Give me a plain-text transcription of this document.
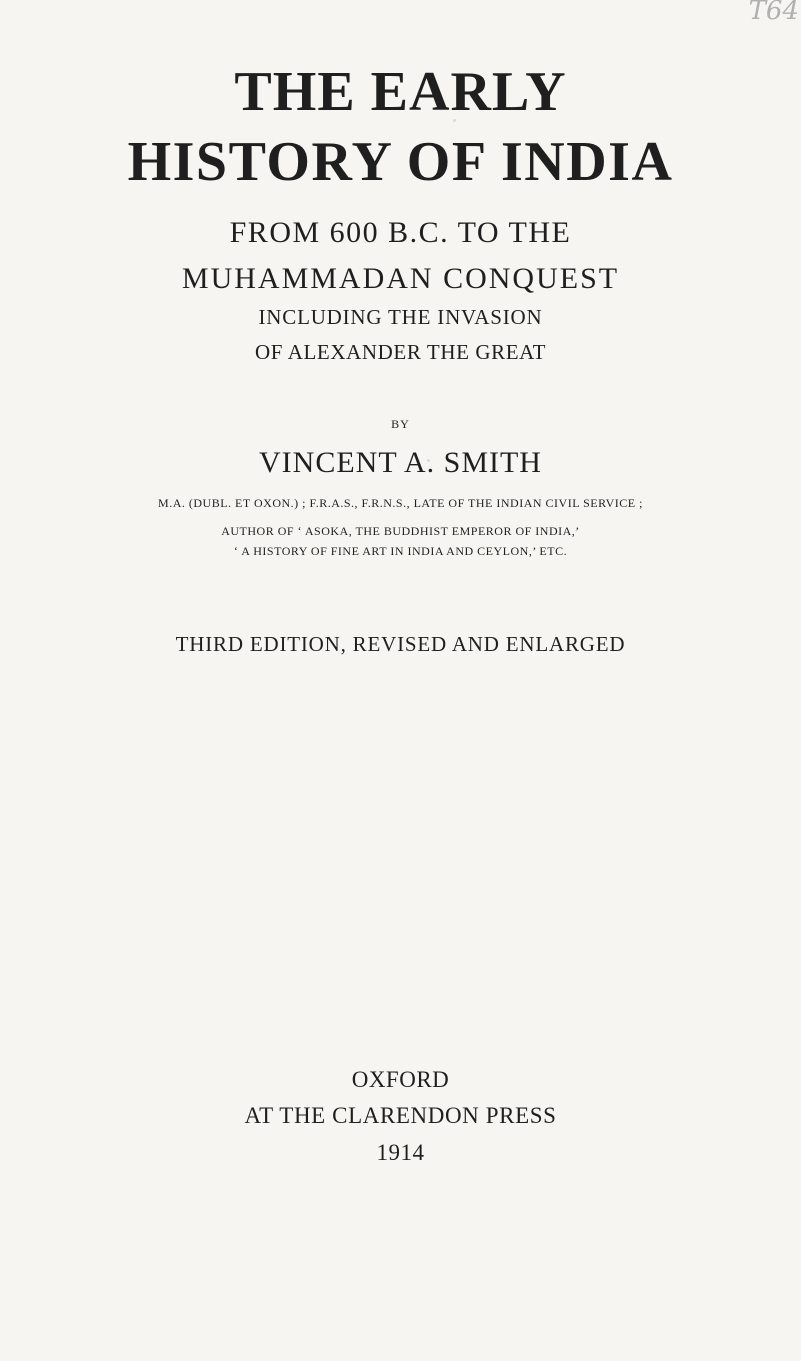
T64
THE EARLY
HISTORY OF INDIA
FROM 600 B.C. TO THE
MUHAMMADAN CONQUEST
INCLUDING THE INVASION
OF ALEXANDER THE GREAT
BY
VINCENT A. SMITH
M.A. (DUBL. ET OXON.) ; F.R.A.S., F.R.N.S., LATE OF THE INDIAN CIVIL SERVICE ;
AUTHOR OF ‘ ASOKA, THE BUDDHIST EMPEROR OF INDIA,’
‘ A HISTORY OF FINE ART IN INDIA AND CEYLON,’ ETC.
THIRD EDITION, REVISED AND ENLARGED
OXFORD
AT THE CLARENDON PRESS
1914
